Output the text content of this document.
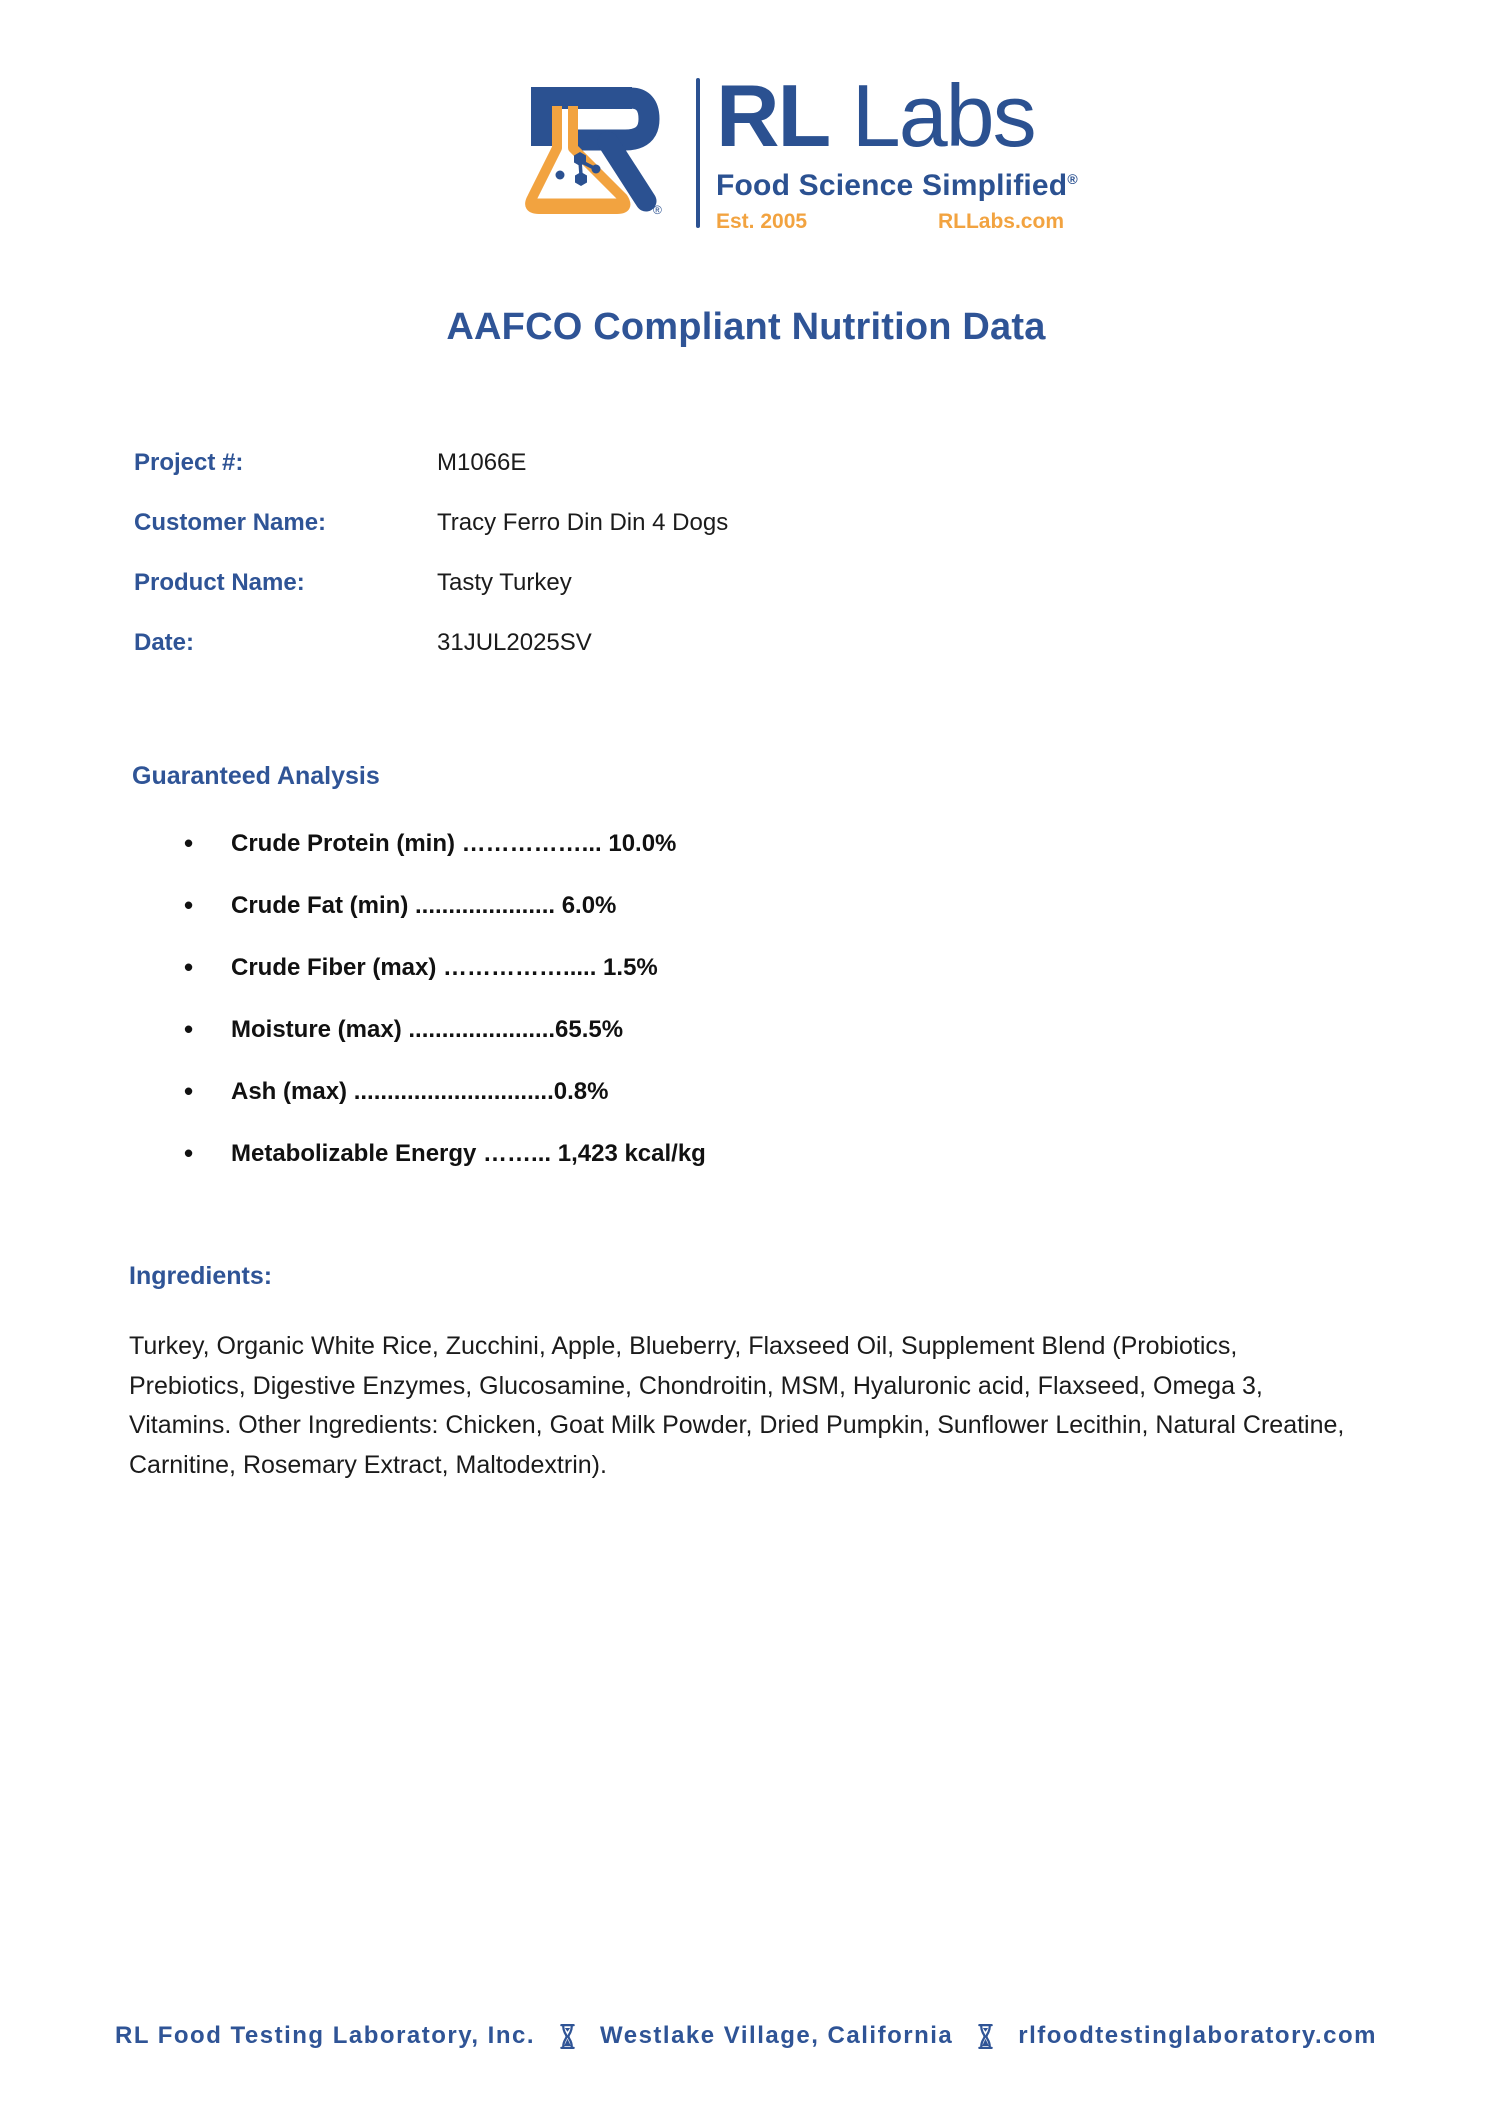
®
RL Labs
Food Science Simplified®
Est. 2005	RLLabs.com
AAFCO Compliant Nutrition Data
Project #:	M1066E
Customer Name:	Tracy Ferro Din Din 4 Dogs
Product Name:	Tasty Turkey
Date:	31JUL2025SV
Guaranteed Analysis
• Crude Protein (min) ……………... 10.0%
• Crude Fat (min) ..................... 6.0%
• Crude Fiber (max) ……………..... 1.5%
• Moisture (max) ......................65.5%
• Ash (max) ..............................0.8%
• Metabolizable Energy ……... 1,423 kcal/kg
Ingredients:

Turkey, Organic White Rice, Zucchini, Apple, Blueberry, Flaxseed Oil, Supplement Blend (Probiotics, Prebiotics, Digestive Enzymes, Glucosamine, Chondroitin, MSM, Hyaluronic acid, Flaxseed, Omega 3, Vitamins. Other Ingredients: Chicken, Goat Milk Powder, Dried Pumpkin, Sunflower Lecithin, Natural Creatine, Carnitine, Rosemary Extract, Maltodextrin).

RL Food Testing Laboratory, Inc.	Westlake Village, California	rlfoodtestinglaboratory.com
